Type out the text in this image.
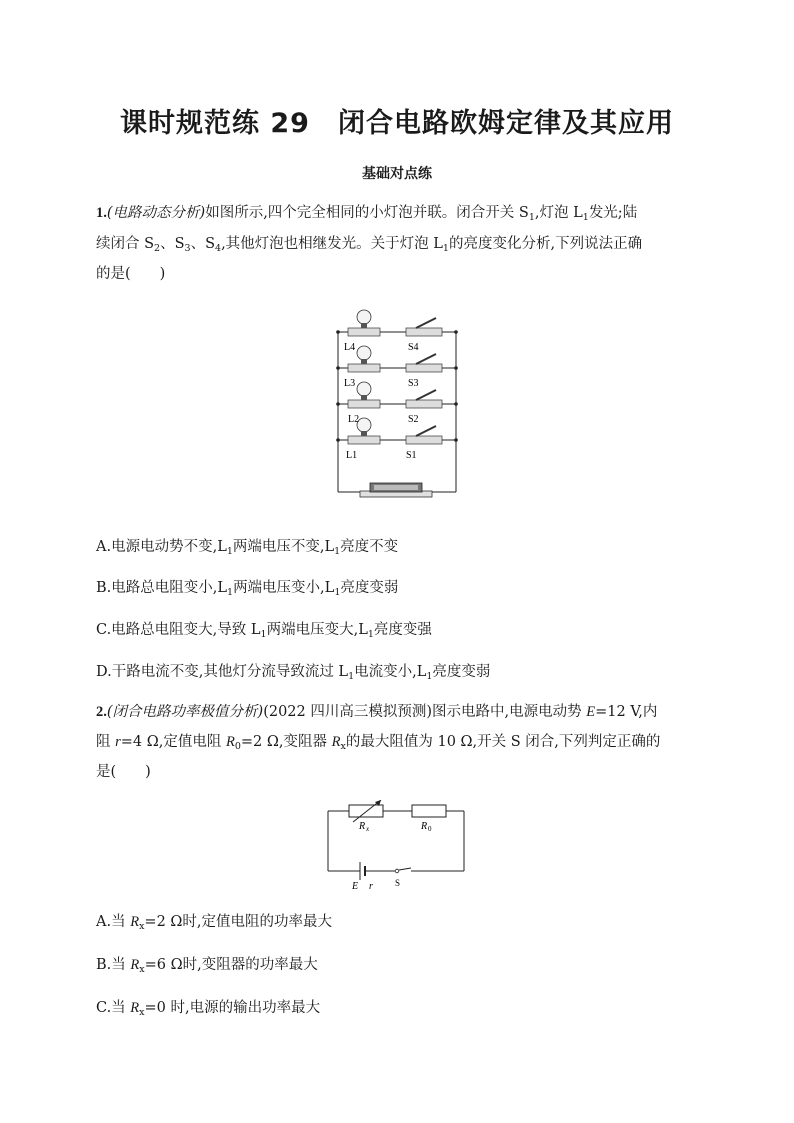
课时规范练 29　闭合电路欧姆定律及其应用
基础对点练
1.(电路动态分析)如图所示,四个完全相同的小灯泡并联。闭合开关 $S_1$,灯泡 $L_1$发光;陆
续闭合 $S_2$、$S_3$、$S_4$,其他灯泡也相继发光。关于灯泡 $L_1$的亮度变化分析,下列说法正确
的是(　　)
L4	S4
L3	S3
L2	S2
L1	S1
A.电源电动势不变$,L_1$两端电压不变$,L_1$亮度不变
B.电路总电阻变小$,L_1$两端电压变小$,L_1$亮度变弱
C.电路总电阻变大,导致 $L_1$两端电压变大$,L_1$亮度变强
D.干路电流不变,其他灯分流导致流过 $L_1$电流变小$,L_1$亮度变弱
2.(闭合电路功率极值分析)(2022 四川高三模拟预测)图示电路中,电源电动势 E=12 V,内
阻 r=4 Ω,定值电阻 $R_0=2$ Ω,变阻器 $R_x$的最大阻值为 10 Ω,开关 S 闭合,下列判定正确的
是(　　)
R x	R 0
E r S
A.当 $R_x=2$ Ω时,定值电阻的功率最大
B.当 $R_x=6$ Ω时,变阻器的功率最大
C.当 $R_x=0$ 时,电源的输出功率最大
